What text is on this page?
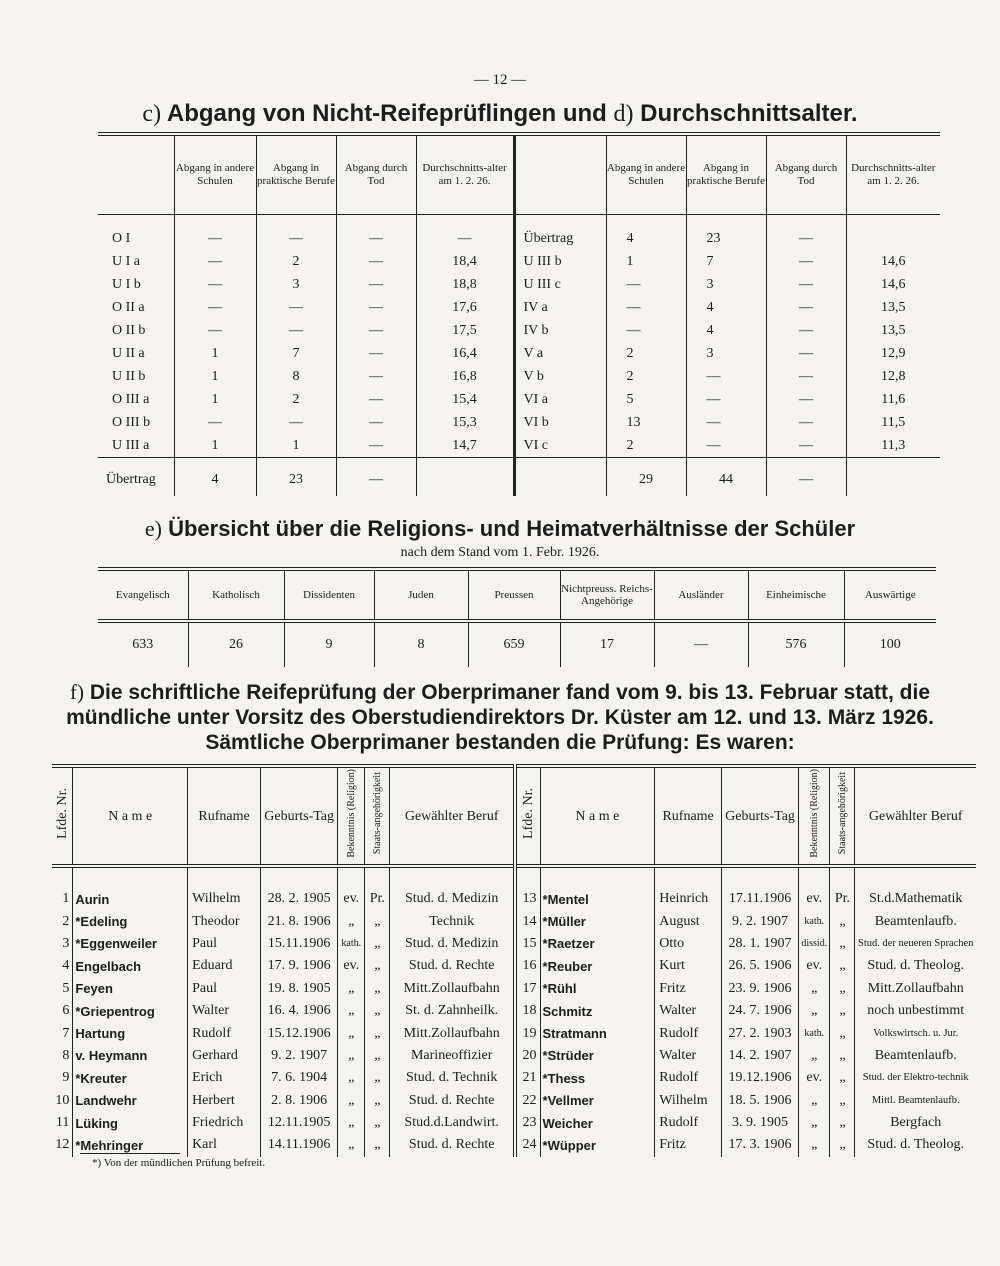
— 12 —
c) Abgang von Nicht-Reifeprüflingen und d) Durchschnittsalter.
	Abgang in andere Schulen	Abgang in praktische Berufe	Abgang durch Tod	Durchschnitts-alter am 1. 2. 26.		Abgang in andere Schulen	Abgang in praktische Berufe	Abgang durch Tod	Durchschnitts-alter am 1. 2. 26.
O I	—	—	—	—	Übertrag	4	23	—	
U I a	—	2	—	18,4	U III b	1	7	—	14,6
U I b	—	3	—	18,8	U III c	—	3	—	14,6
O II a	—	—	—	17,6	IV a	—	4	—	13,5
O II b	—	—	—	17,5	IV b	—	4	—	13,5
U II a	1	7	—	16,4	V a	2	3	—	12,9
U II b	1	8	—	16,8	V b	2	—	—	12,8
O III a	1	2	—	15,4	VI a	5	—	—	11,6
O III b	—	—	—	15,3	VI b	13	—	—	11,5
U III a	1	1	—	14,7	VI c	2	—	—	11,3
Übertrag	4	23	—			29	44	—	
e) Übersicht über die Religions- und Heimatverhältnisse der Schüler
nach dem Stand vom 1. Febr. 1926.
Evangelisch	Katholisch	Dissidenten	Juden	Preussen	Nichtpreuss. Reichs-Angehörige	Ausländer	Einheimische	Auswärtige
633	26	9	8	659	17	—	576	100
f) Die schriftliche Reifeprüfung der Oberprimaner fand vom 9. bis 13. Februar statt, die
mündliche unter Vorsitz des Oberstudiendirektors Dr. Küster am 12. und 13. März 1926.
Sämtliche Oberprimaner bestanden die Prüfung: Es waren:
Lfde. Nr.	N a m e	Rufname	Geburts-Tag	Bekenntnis (Religion)	Staats-angehörigkeit	Gewählter Beruf	Lfde. Nr.	N a m e	Rufname	Geburts-Tag	Bekenntnis (Religion)	Staats-angehörigkeit	Gewählter Beruf
1	Aurin	Wilhelm	28. 2. 1905	ev.	Pr.	Stud. d. Medizin	13	*Mentel	Heinrich	17.11.1906	ev.	Pr.	St.d.Mathematik
2	*Edeling	Theodor	21. 8. 1906	„	„	Technik	14	*Müller	August	9. 2. 1907	kath.	„	Beamtenlaufb.
3	*Eggenweiler	Paul	15.11.1906	kath.	„	Stud. d. Medizin	15	*Raetzer	Otto	28. 1. 1907	dissid.	„	Stud. der neueren Sprachen
4	Engelbach	Eduard	17. 9. 1906	ev.	„	Stud. d. Rechte	16	*Reuber	Kurt	26. 5. 1906	ev.	„	Stud. d. Theolog.
5	Feyen	Paul	19. 8. 1905	„	„	Mitt.Zollaufbahn	17	*Rühl	Fritz	23. 9. 1906	„	„	Mitt.Zollaufbahn
6	*Griepentrog	Walter	16. 4. 1906	„	„	St. d. Zahnheilk.	18	Schmitz	Walter	24. 7. 1906	„	„	noch unbestimmt
7	Hartung	Rudolf	15.12.1906	„	„	Mitt.Zollaufbahn	19	Stratmann	Rudolf	27. 2. 1903	kath.	„	Volkswirtsch. u. Jur.
8	v. Heymann	Gerhard	9. 2. 1907	„	„	Marineoffizier	20	*Strüder	Walter	14. 2. 1907	„	„	Beamtenlaufb.
9	*Kreuter	Erich	7. 6. 1904	„	„	Stud. d. Technik	21	*Thess	Rudolf	19.12.1906	ev.	„	Stud. der Elektro-technik
10	Landwehr	Herbert	2. 8. 1906	„	„	Stud. d. Rechte	22	*Vellmer	Wilhelm	18. 5. 1906	„	„	Mittl. Beamtenlaufb.
11	Lüking	Friedrich	12.11.1905	„	„	Stud.d.Landwirt.	23	Weicher	Rudolf	3. 9. 1905	„	„	Bergfach
12	*Mehringer	Karl	14.11.1906	„	„	Stud. d. Rechte	24	*Wüpper	Fritz	17. 3. 1906	„	„	Stud. d. Theolog.
*) Von der mündlichen Prüfung befreit.
